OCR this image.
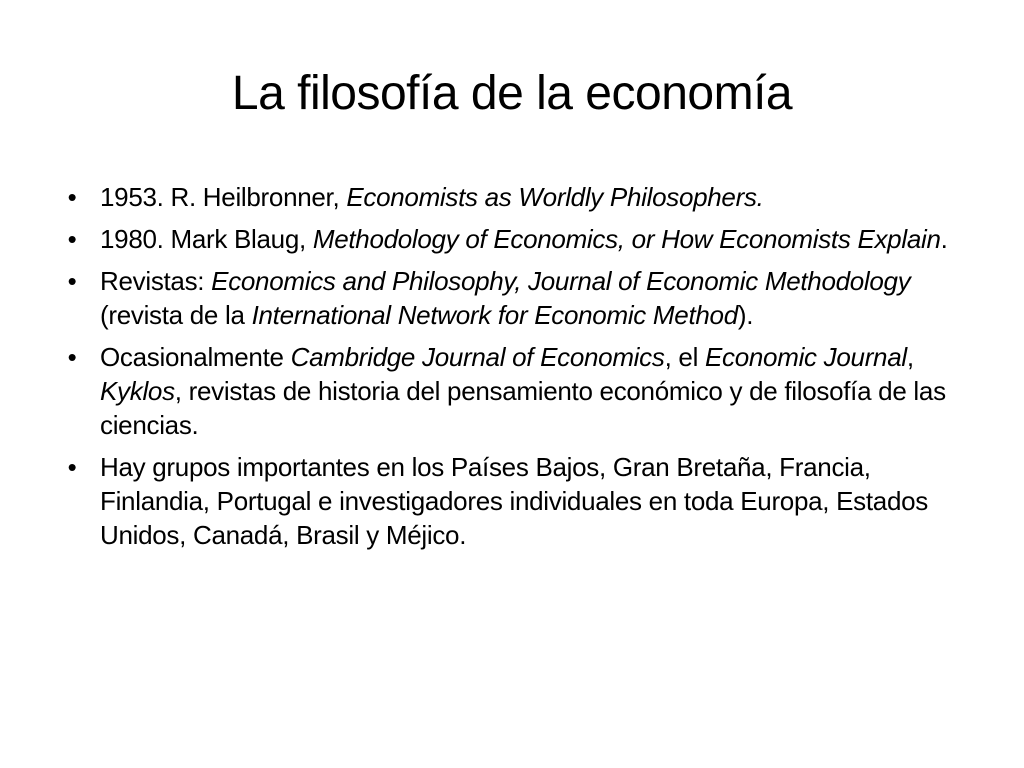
La filosofía de la economía
• 1953. R. Heilbronner, Economists as Worldly Philosophers.
• 1980. Mark Blaug, Methodology of Economics, or How Economists Explain.
• Revistas: Economics and Philosophy, Journal of Economic Methodology (revista de la International Network for Economic Method).
• Ocasionalmente Cambridge Journal of Economics, el Economic Journal, Kyklos, revistas de historia del pensamiento económico y de filosofía de las ciencias.
• Hay grupos importantes en los Países Bajos, Gran Bretaña, Francia, Finlandia, Portugal e investigadores individuales en toda Europa, Estados Unidos, Canadá, Brasil y Méjico.
